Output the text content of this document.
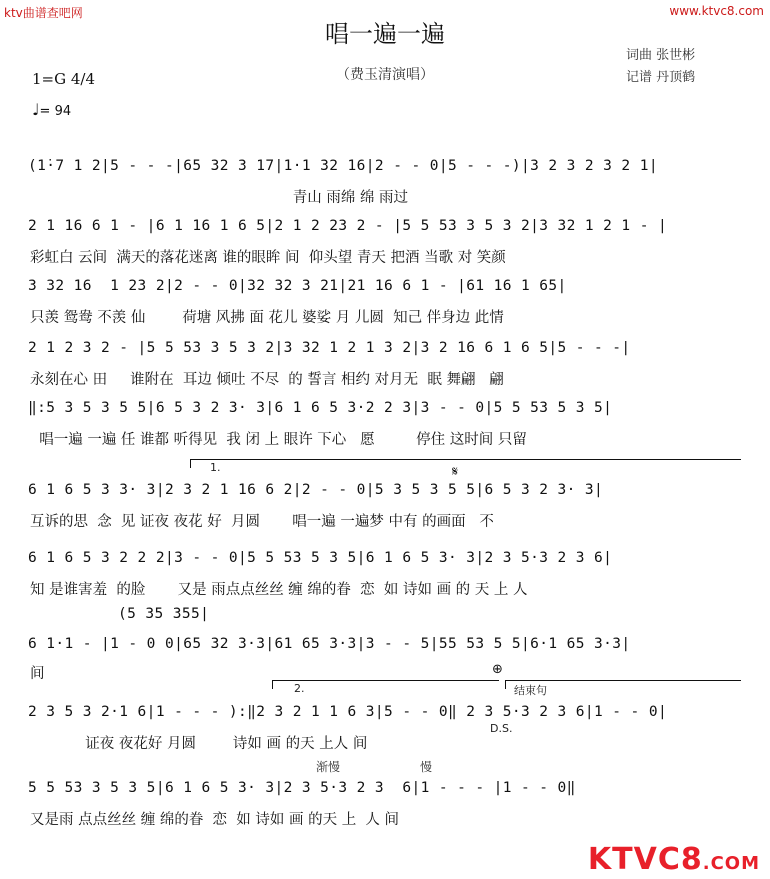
ktv曲谱查吧网	www.ktvc8.com
唱一遍一遍
（费玉清演唱）
词曲 张世彬
记谱 丹顶鹤
1=G 4/4
♩= 94
(1̇·7 1 2|5 - - -|65 32 3 17|1·1 32 16|2 - - 0|5 - - -)|3 2 3 2 3 2 1|
青山 雨绵 绵 雨过
2 1 16 6 1 - |6 1 16 1 6 5|2 1 2 23 2 - |5 5 53 3 5 3 2|3 32 1 2 1 - |
彩虹白 云间  满天的落花迷离 谁的眼眸 间  仰头望 青天 把酒 当歌 对 笑颜
3 32 16  1 23 2|2 - - 0|32 32 3 21|21 16 6 1 - |61 16 1 65|
只羡 鸳鸯 不羡 仙        荷塘 风拂 面 花儿 婆娑 月 儿圆  知己 伴身边 此情
2 1 2 3 2 - |5 5 53 3 5 3 2|3 32 1 2 1 3 2|3 2 16 6 1 6 5|5 - - -|
永刻在心 田     谁附在  耳边 倾吐 不尽  的 誓言 相约 对月无  眠 舞翩   翩
‖:5 3 5 3 5 5|6 5 3 2 3· 3|6 1 6 5 3·2 2 3|3 - - 0|5 5 53 5 3 5|
唱一遍 一遍 任 谁都 听得见  我 闭 上 眼许 下心   愿         停住 这时间 只留
1.	𝄋
6 1 6 5 3 3· 3|2 3 2 1 16 6 2|2 - - 0|5 3 5 3 5 5|6 5 3 2 3· 3|
互诉的思  念  见 证夜 夜花 好  月圆       唱一遍 一遍梦 中有 的画面   不
6 1 6 5 3 2 2 2|3 - - 0|5 5 53 5 3 5|6 1 6 5 3· 3|2 3 5·3 2 3 6|
知 是谁害羞  的脸       又是 雨点点丝丝 缠 绵的眷  恋  如 诗如 画 的 天 上 人
(5 35 355|
6 1·1 - |1 - 0 0|65 32 3·3|61 65 3·3|3 - - 5|55 53 5 5|6·1 65 3·3|
间	⊕
2.	结束句
2 3 5 3 2·1 6|1 - - - ):‖2 3 2 1 1 6 3|5 - - 0‖ 2 3 5·3 2 3 6|1 - - 0|
D.S.
证夜 夜花好 月圆        诗如 画 的天 上人 间
渐慢	慢
5 5 53 3 5 3 5|6 1 6 5 3· 3|2 3 5·3 2 3  6|1 - - - |1 - - 0‖
又是雨 点点丝丝 缠 绵的眷  恋  如 诗如 画 的天 上  人 间
KTVC8.COM
